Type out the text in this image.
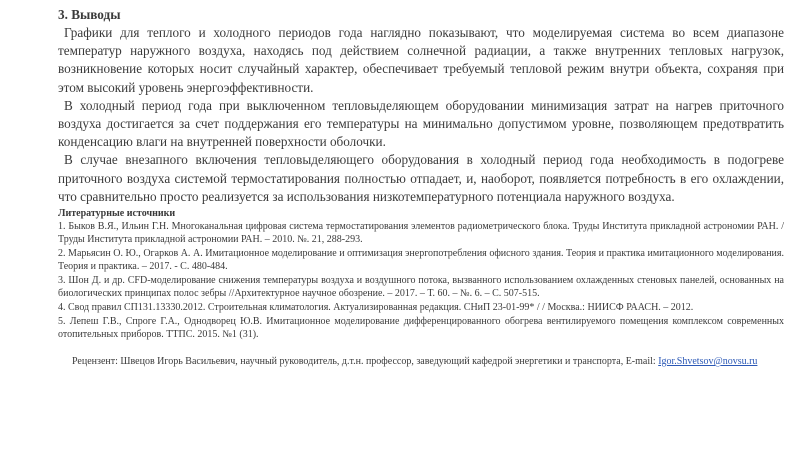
3. Выводы

Графики для теплого и холодного периодов года наглядно показывают, что моделируемая система во всем диапазоне температур наружного воздуха, находясь под действием солнечной радиации, а также внутренних тепловых нагрузок, возникновение которых носит случайный характер, обеспечивает требуемый тепловой режим внутри объекта, сохраняя при этом высокий уровень энергоэффективности.

В холодный период года при выключенном тепловыделяющем оборудовании минимизация затрат на нагрев приточного воздуха достигается за счет поддержания его температуры на минимально допустимом уровне, позволяющем предотвратить конденсацию влаги на внутренней поверхности оболочки.

В случае внезапного включения тепловыделяющего оборудования в холодный период года необходимость в подогреве приточного воздуха системой термостатирования полностью отпадает, и, наоборот, появляется потребность в его охлаждении, что сравнительно просто реализуется за использования низкотемпературного потенциала наружного воздуха.

Литературные источники

1. Быков В.Я., Ильин Г.Н. Многоканальная цифровая система термостатирования элементов радиометрического блока. Труды Института прикладной астрономии РАН. / Труды Института прикладной астрономии РАН. – 2010. №. 21, 288-293.

2. Марьясин О. Ю., Огарков А. А. Имитационное моделирование и оптимизация энергопотребления офисного здания. Теория и практика имитационного моделирования. Теория и практика. – 2017. - С. 480-484.

3. Шон Д. и др. CFD-моделирование снижения температуры воздуха и воздушного потока, вызванного использованием охлажденных стеновых панелей, основанных на биологических принципах полос зебры //Архитектурное научное обозрение. – 2017. – Т. 60. – №. 6. – С. 507-515.

4. Свод правил СП131.13330.2012. Строительная климатология. Актуализированная редакция. СНиП 23-01-99* / / Москва.: НИИСФ РААСН. – 2012.

5. Лепеш Г.В., Спроге Г.А., Однодворец Ю.В. Имитационное моделирование дифференцированного обогрева вентилируемого помещения комплексом современных отопительных приборов. ТТПС. 2015. №1 (31).

Рецензент: Швецов Игорь Васильевич, научный руководитель, д.т.н. профессор, заведующий кафедрой энергетики и транспорта, E-mail: Igor.Shvetsov@novsu.ru
